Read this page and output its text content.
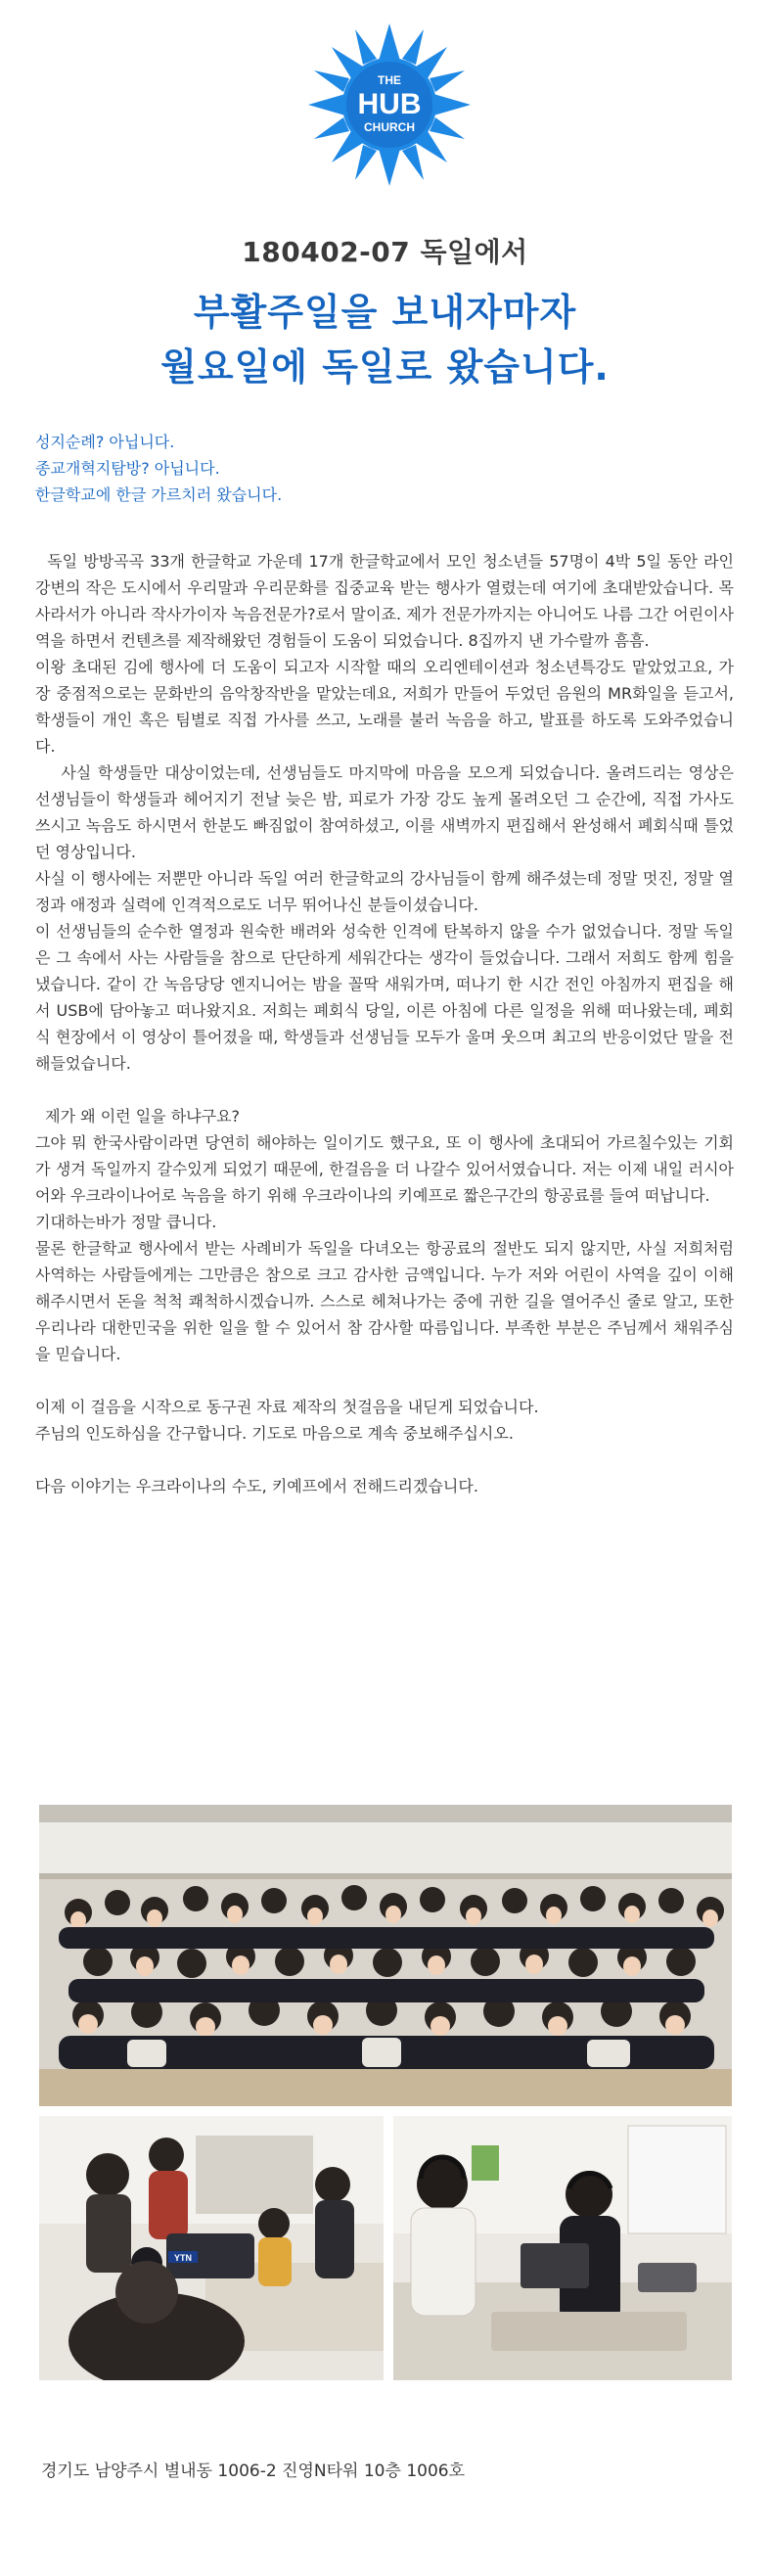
THE
HUB
CHURCH
180402-07 독일에서
부활주일을 보내자마자
월요일에 독일로 왔습니다.

성지순례? 아닙니다.

종교개혁지탐방? 아닙니다.

한글학교에 한글 가르치러 왔습니다.

독일 방방곡곡 33개 한글학교 가운데 17개 한글학교에서 모인 청소년들 57명이 4박 5일 동안 라인강변의 작은 도시에서 우리말과 우리문화를 집중교육 받는 행사가 열렸는데 여기에 초대받았습니다. 목사라서가 아니라 작사가이자 녹음전문가?로서 말이죠. 제가 전문가까지는 아니어도 나름 그간 어린이사역을 하면서 컨텐츠를 제작해왔던 경험들이 도움이 되었습니다. 8집까지 낸 가수랄까 흠흠.

이왕 초대된 김에 행사에 더 도움이 되고자 시작할 때의 오리엔테이션과 청소년특강도 맡았었고요, 가장 중점적으로는 문화반의 음악창작반을 맡았는데요, 저희가 만들어 두었던 음원의 MR화일을 듣고서, 학생들이 개인 혹은 팀별로 직접 가사를 쓰고, 노래를 불러 녹음을 하고, 발표를 하도록 도와주었습니다.

사실 학생들만 대상이었는데, 선생님들도 마지막에 마음을 모으게 되었습니다. 올려드리는 영상은 선생님들이 학생들과 헤어지기 전날 늦은 밤, 피로가 가장 강도 높게 몰려오던 그 순간에, 직접 가사도 쓰시고 녹음도 하시면서 한분도 빠짐없이 참여하셨고, 이를 새벽까지 편집해서 완성해서 폐회식때 틀었던 영상입니다.

사실 이 행사에는 저뿐만 아니라 독일 여러 한글학교의 강사님들이 함께 해주셨는데 정말 멋진, 정말 열정과 애정과 실력에 인격적으로도 너무 뛰어나신 분들이셨습니다.

이 선생님들의 순수한 열정과 원숙한 배려와 성숙한 인격에 탄복하지 않을 수가 없었습니다. 정말 독일은 그 속에서 사는 사람들을 참으로 단단하게 세워간다는 생각이 들었습니다. 그래서 저희도 함께 힘을 냈습니다. 같이 간 녹음당당 엔지니어는 밤을 꼴딱 새워가며, 떠나기 한 시간 전인 아침까지 편집을 해서 USB에 담아놓고 떠나왔지요. 저희는 폐회식 당일, 이른 아침에 다른 일정을 위해 떠나왔는데, 폐회식 현장에서 이 영상이 틀어졌을 때, 학생들과 선생님들 모두가 울며 웃으며 최고의 반응이었단 말을 전해들었습니다.

제가 왜 이런 일을 하냐구요?

그야 뭐 한국사람이라면 당연히 해야하는 일이기도 했구요, 또 이 행사에 초대되어 가르칠수있는 기회가 생겨 독일까지 갈수있게 되었기 때문에, 한걸음을 더 나갈수 있어서였습니다. 저는 이제 내일 러시아어와 우크라이나어로 녹음을 하기 위해 우크라이나의 키예프로 짧은구간의 항공료를 들여 떠납니다.

기대하는바가 정말 큽니다.

물론 한글학교 행사에서 받는 사례비가 독일을 다녀오는 항공료의 절반도 되지 않지만, 사실 저희처럼 사역하는 사람들에게는 그만큼은 참으로 크고 감사한 금액입니다. 누가 저와 어린이 사역을 깊이 이해해주시면서 돈을 척척 쾌척하시겠습니까. 스스로 헤쳐나가는 중에 귀한 길을 열어주신 줄로 알고, 또한 우리나라 대한민국을 위한 일을 할 수 있어서 참 감사할 따름입니다. 부족한 부분은 주님께서 채워주심을 믿습니다.

이제 이 걸음을 시작으로 동구권 자료 제작의 첫걸음을 내딛게 되었습니다.

주님의 인도하심을 간구합니다. 기도로 마음으로 계속 중보해주십시오.

다음 이야기는 우크라이나의 수도, 키예프에서 전해드리겠습니다.

YTN
경기도 남양주시 별내동 1006-2 진영N타워 10층 1006호
